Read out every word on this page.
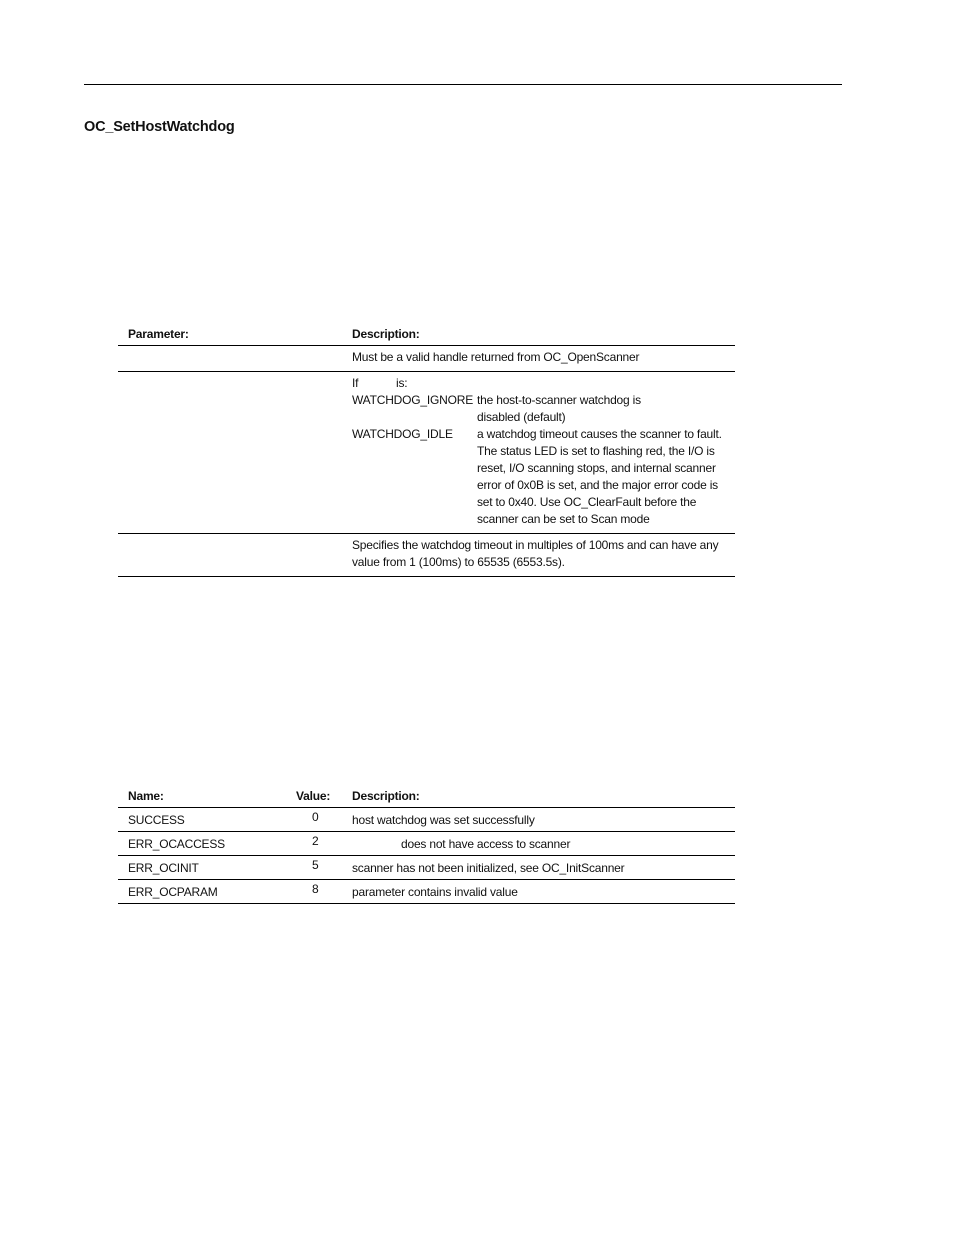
OC_SetHostWatchdog
Parameter:	Description:
Must be a valid handle returned from OC_OpenScanner
If	is:
WATCHDOG_IGNORE the host-to-scanner watchdog is
disabled (default)
WATCHDOG_IDLE	a watchdog timeout causes the scanner to fault.
The status LED is set to flashing red, the I/O is
reset, I/O scanning stops, and internal scanner
error of 0x0B is set, and the major error code is
set to 0x40. Use OC_ClearFault before the
scanner can be set to Scan mode
Specifies the watchdog timeout in multiples of 100ms and can have any
value from 1 (100ms) to 65535 (6553.5s).
Name:	Value: Description:
SUCCESS	0	host watchdog was set successfully
ERR_OCACCESS	2	does not have access to scanner
ERR_OCINIT	5	scanner has not been initialized, see OC_InitScanner
ERR_OCPARAM	8	parameter contains invalid value
